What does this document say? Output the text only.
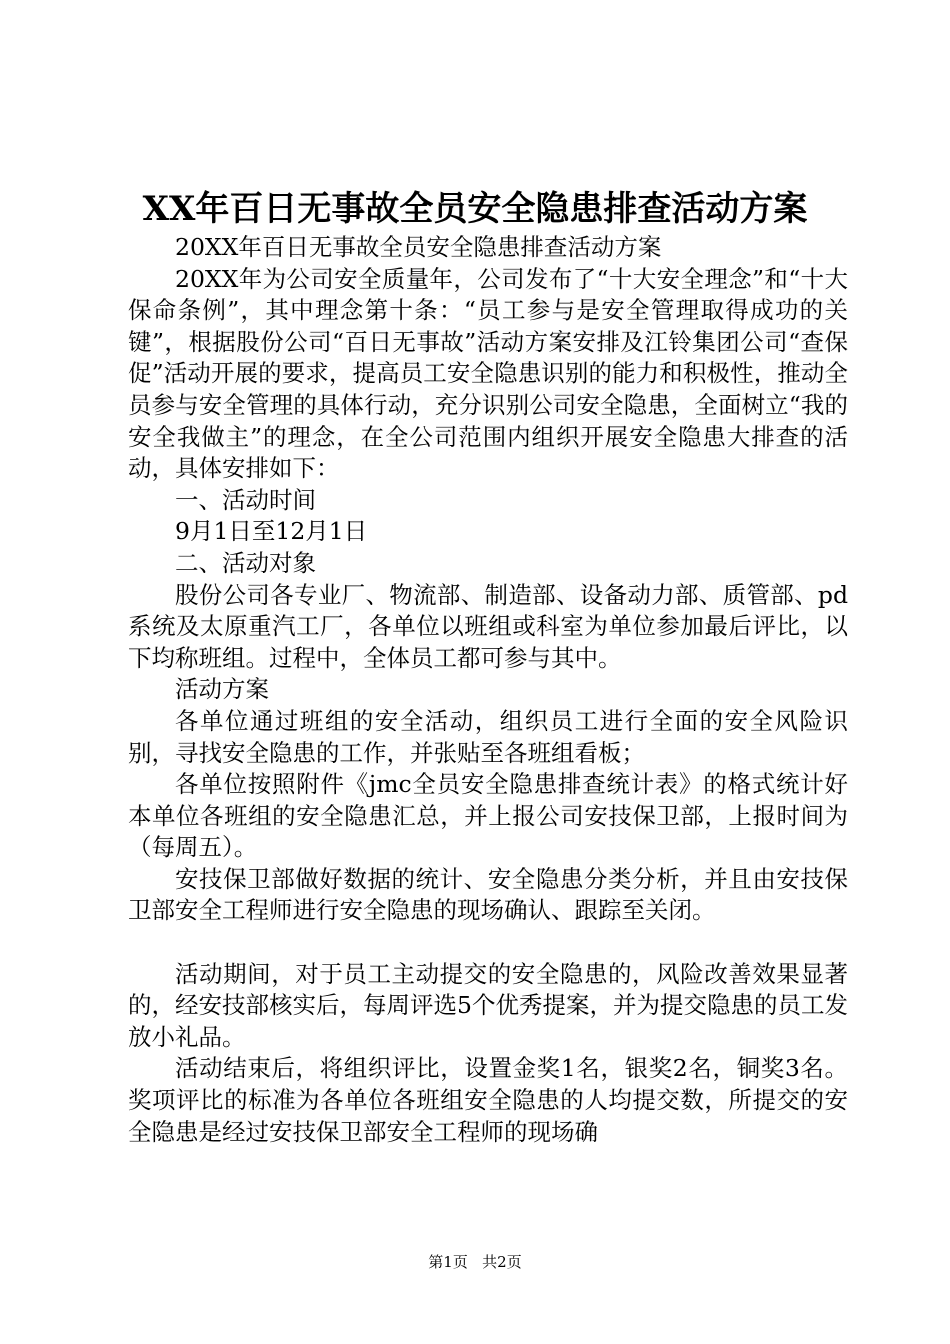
XX年百日无事故全员安全隐患排查活动方案

20XX年百日无事故全员安全隐患排查活动方案

20XX年为公司安全质量年，公司发布了“十大安全理念”和“十大保命条例”，其中理念第十条：“员工参与是安全管理取得成功的关键”，根据股份公司“百日无事故”活动方案安排及江铃集团公司“查保促”活动开展的要求，提高员工安全隐患识别的能力和积极性，推动全员参与安全管理的具体行动，充分识别公司安全隐患，全面树立“我的安全我做主”的理念，在全公司范围内组织开展安全隐患大排查的活动，具体安排如下：

一、活动时间

9月1日至12月1日

二、活动对象

股份公司各专业厂、物流部、制造部、设备动力部、质管部、pd系统及太原重汽工厂，各单位以班组或科室为单位参加最后评比，以下均称班组。过程中，全体员工都可参与其中。

活动方案

各单位通过班组的安全活动，组织员工进行全面的安全风险识别，寻找安全隐患的工作，并张贴至各班组看板；

各单位按照附件《jmc全员安全隐患排查统计表》的格式统计好本单位各班组的安全隐患汇总，并上报公司安技保卫部，上报时间为（每周五）。

安技保卫部做好数据的统计、安全隐患分类分析，并且由安技保卫部安全工程师进行安全隐患的现场确认、跟踪至关闭。

活动期间，对于员工主动提交的安全隐患的，风险改善效果显著的，经安技部核实后，每周评选5个优秀提案，并为提交隐患的员工发放小礼品。

活动结束后，将组织评比，设置金奖1名，银奖2名，铜奖3名。奖项评比的标准为各单位各班组安全隐患的人均提交数，所提交的安全隐患是经过安技保卫部安全工程师的现场确

第1页 共2页
